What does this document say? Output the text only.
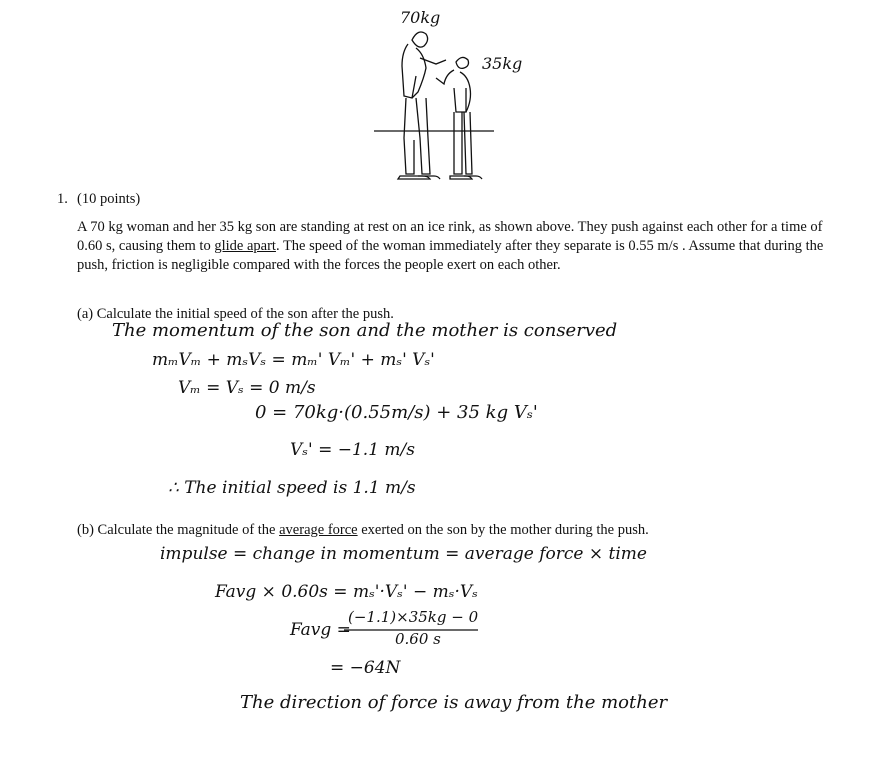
70kg
35kg
1. (10 points)
A 70 kg woman and her 35 kg son are standing at rest on an ice rink, as shown above. They push against each other for a time of 0.60 s, causing them to glide apart. The speed of the woman immediately after they separate is 0.55 m/s . Assume that during the push, friction is negligible compared with the forces the people exert on each other.
(a) Calculate the initial speed of the son after the push.
The momentum of the son and the mother is conserved
mₘVₘ + mₛVₛ = mₘ' Vₘ' + mₛ' Vₛ'
Vₘ = Vₛ = 0 m/s
0 = 70kg·(0.55m/s) + 35 kg Vₛ'
Vₛ' = −1.1 m/s
∴ The initial speed is 1.1 m/s
(b) Calculate the magnitude of the average force exerted on the son by the mother during the push.
impulse = change in momentum = average force × time
Favg × 0.60s = mₛ'·Vₛ' − mₛ·Vₛ
Favg =
(−1.1)×35kg − 0
0.60 s
= −64N
The direction of force is away from the mother
